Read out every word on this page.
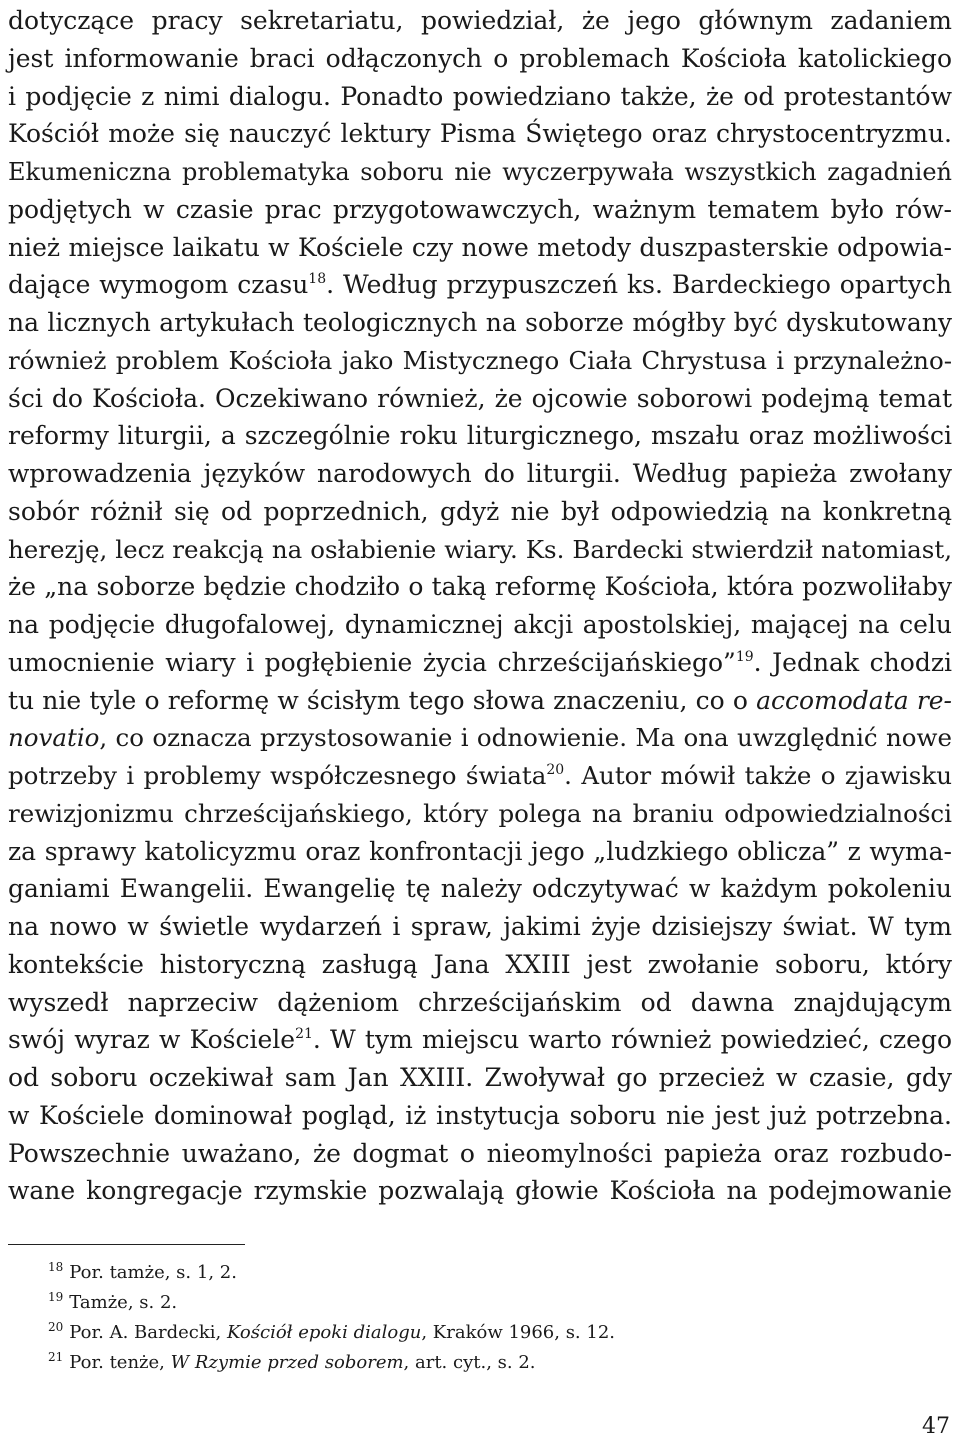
dotyczące pracy sekretariatu, powiedział, że jego głównym zadaniem
jest informowanie braci odłączonych o problemach Kościoła katolickiego
i podjęcie z nimi dialogu. Ponadto powiedziano także, że od protestantów
Kościół może się nauczyć lektury Pisma Świętego oraz chrystocentryzmu.
Ekumeniczna problematyka soboru nie wyczerpywała wszystkich zagadnień
podjętych w czasie prac przygotowawczych, ważnym tematem było rów-
nież miejsce laikatu w Kościele czy nowe metody duszpasterskie odpowia-
dające wymogom czasu$^{18}$. Według przypuszczeń ks. Bardeckiego opartych
na licznych artykułach teologicznych na soborze mógłby być dyskutowany
również problem Kościoła jako Mistycznego Ciała Chrystusa i przynależno-
ści do Kościoła. Oczekiwano również, że ojcowie soborowi podejmą temat
reformy liturgii, a szczególnie roku liturgicznego, mszału oraz możliwości
wprowadzenia języków narodowych do liturgii. Według papieża zwołany
sobór różnił się od poprzednich, gdyż nie był odpowiedzią na konkretną
herezję, lecz reakcją na osłabienie wiary. Ks. Bardecki stwierdził natomiast,
że „na soborze będzie chodziło o taką reformę Kościoła, która pozwoliłaby
na podjęcie długofalowej, dynamicznej akcji apostolskiej, mającej na celu
umocnienie wiary i pogłębienie życia chrześcijańskiego”$^{19}$. Jednak chodzi
tu nie tyle o reformę w ścisłym tego słowa znaczeniu, co o accomodata re-
novatio, co oznacza przystosowanie i odnowienie. Ma ona uwzględnić nowe
potrzeby i problemy współczesnego świata$^{20}$. Autor mówił także o zjawisku
rewizjonizmu chrześcijańskiego, który polega na braniu odpowiedzialności
za sprawy katolicyzmu oraz konfrontacji jego „ludzkiego oblicza” z wyma-
ganiami Ewangelii. Ewangelię tę należy odczytywać w każdym pokoleniu
na nowo w świetle wydarzeń i spraw, jakimi żyje dzisiejszy świat. W tym
kontekście historyczną zasługą Jana XXIII jest zwołanie soboru, który
wyszedł naprzeciw dążeniom chrześcijańskim od dawna znajdującym
swój wyraz w Kościele$^{21}$. W tym miejscu warto również powiedzieć, czego
od soboru oczekiwał sam Jan XXIII. Zwoływał go przecież w czasie, gdy
w Kościele dominował pogląd, iż instytucja soboru nie jest już potrzebna.
Powszechnie uważano, że dogmat o nieomylności papieża oraz rozbudo-
wane kongregacje rzymskie pozwalają głowie Kościoła na podejmowanie
$^{18}$ Por. tamże, s. 1, 2.
$^{19}$ Tamże, s. 2.
$^{20}$ Por. A. Bardecki, Kościół epoki dialogu, Kraków 1966, s. 12.
$^{21}$ Por. tenże, W Rzymie przed soborem, art. cyt., s. 2.
47
